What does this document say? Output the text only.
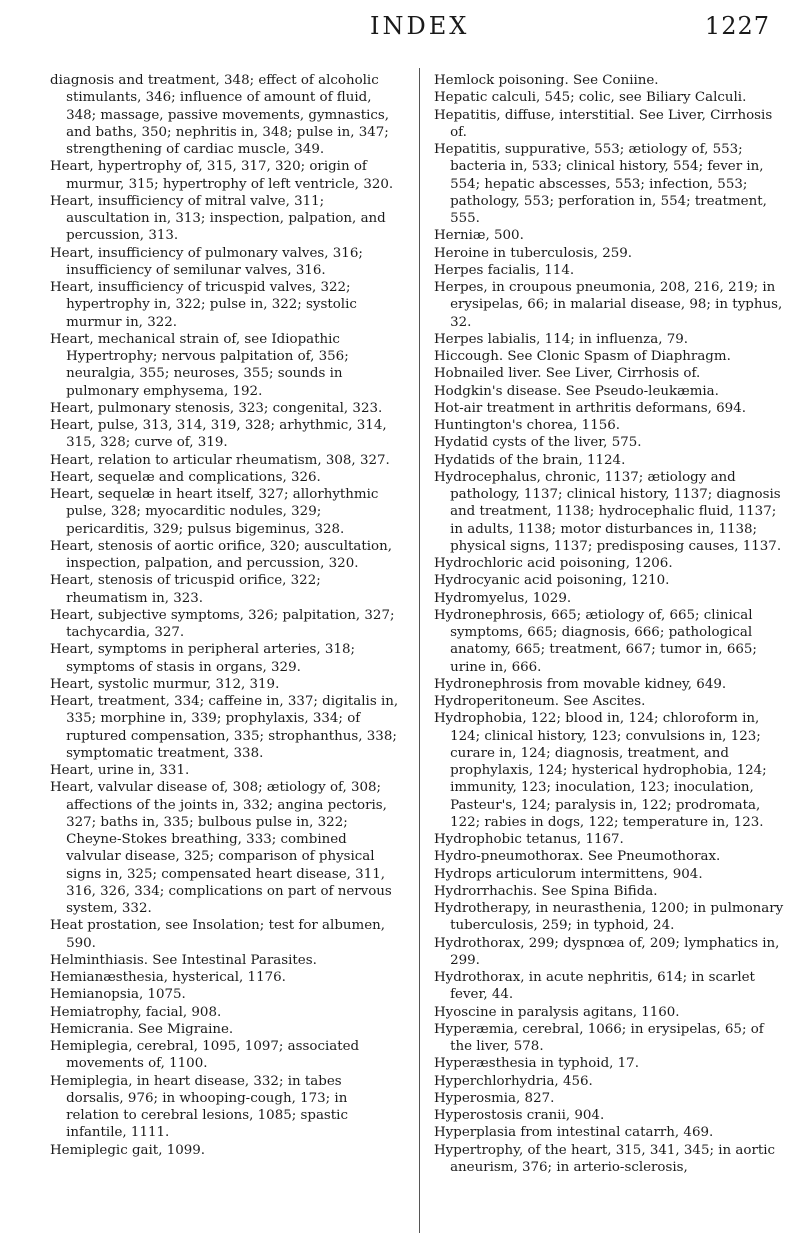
INDEX	1227

diagnosis and treatment, 348; effect of alcoholic stimulants, 346; influence of amount of fluid, 348; massage, passive movements, gymnastics, and baths, 350; nephritis in, 348; pulse in, 347; strengthening of cardiac muscle, 349.

Heart, hypertrophy of, 315, 317, 320; origin of murmur, 315; hypertrophy of left ventricle, 320.

Heart, insufficiency of mitral valve, 311; auscultation in, 313; inspection, palpation, and percussion, 313.

Heart, insufficiency of pulmonary valves, 316; insufficiency of semilunar valves, 316.

Heart, insufficiency of tricuspid valves, 322; hypertrophy in, 322; pulse in, 322; systolic murmur in, 322.

Heart, mechanical strain of, see Idiopathic Hypertrophy; nervous palpitation of, 356; neuralgia, 355; neuroses, 355; sounds in pulmonary emphysema, 192.

Heart, pulmonary stenosis, 323; congenital, 323.

Heart, pulse, 313, 314, 319, 328; arhythmic, 314, 315, 328; curve of, 319.

Heart, relation to articular rheumatism, 308, 327.

Heart, sequelæ and complications, 326.

Heart, sequelæ in heart itself, 327; allorhythmic pulse, 328; myocarditic nodules, 329; pericarditis, 329; pulsus bigeminus, 328.

Heart, stenosis of aortic orifice, 320; auscultation, inspection, palpation, and percussion, 320.

Heart, stenosis of tricuspid orifice, 322; rheumatism in, 323.

Heart, subjective symptoms, 326; palpitation, 327; tachycardia, 327.

Heart, symptoms in peripheral arteries, 318; symptoms of stasis in organs, 329.

Heart, systolic murmur, 312, 319.

Heart, treatment, 334; caffeine in, 337; digitalis in, 335; morphine in, 339; prophylaxis, 334; of ruptured compensation, 335; strophanthus, 338; symptomatic treatment, 338.

Heart, urine in, 331.

Heart, valvular disease of, 308; ætiology of, 308; affections of the joints in, 332; angina pectoris, 327; baths in, 335; bulbous pulse in, 322; Cheyne-Stokes breathing, 333; combined valvular disease, 325; comparison of physical signs in, 325; compensated heart disease, 311, 316, 326, 334; complications on part of nervous system, 332.

Heat prostation, see Insolation; test for albumen, 590.

Helminthiasis. See Intestinal Parasites.

Hemianæsthesia, hysterical, 1176.

Hemianopsia, 1075.

Hemiatrophy, facial, 908.

Hemicrania. See Migraine.

Hemiplegia, cerebral, 1095, 1097; associated movements of, 1100.

Hemiplegia, in heart disease, 332; in tabes dorsalis, 976; in whooping-cough, 173; in relation to cerebral lesions, 1085; spastic infantile, 1111.

Hemiplegic gait, 1099.

Hemlock poisoning. See Coniine.

Hepatic calculi, 545; colic, see Biliary Calculi.

Hepatitis, diffuse, interstitial. See Liver, Cirrhosis of.

Hepatitis, suppurative, 553; ætiology of, 553; bacteria in, 533; clinical history, 554; fever in, 554; hepatic abscesses, 553; infection, 553; pathology, 553; perforation in, 554; treatment, 555.

Herniæ, 500.

Heroine in tuberculosis, 259.

Herpes facialis, 114.

Herpes, in croupous pneumonia, 208, 216, 219; in erysipelas, 66; in malarial disease, 98; in typhus, 32.

Herpes labialis, 114; in influenza, 79.

Hiccough. See Clonic Spasm of Diaphragm.

Hobnailed liver. See Liver, Cirrhosis of.

Hodgkin's disease. See Pseudo-leukæmia.

Hot-air treatment in arthritis deformans, 694.

Huntington's chorea, 1156.

Hydatid cysts of the liver, 575.

Hydatids of the brain, 1124.

Hydrocephalus, chronic, 1137; ætiology and pathology, 1137; clinical history, 1137; diagnosis and treatment, 1138; hydrocephalic fluid, 1137; in adults, 1138; motor disturbances in, 1138; physical signs, 1137; predisposing causes, 1137.

Hydrochloric acid poisoning, 1206.

Hydrocyanic acid poisoning, 1210.

Hydromyelus, 1029.

Hydronephrosis, 665; ætiology of, 665; clinical symptoms, 665; diagnosis, 666; pathological anatomy, 665; treatment, 667; tumor in, 665; urine in, 666.

Hydronephrosis from movable kidney, 649.

Hydroperitoneum. See Ascites.

Hydrophobia, 122; blood in, 124; chloroform in, 124; clinical history, 123; convulsions in, 123; curare in, 124; diagnosis, treatment, and prophylaxis, 124; hysterical hydrophobia, 124; immunity, 123; inoculation, 123; inoculation, Pasteur's, 124; paralysis in, 122; prodromata, 122; rabies in dogs, 122; temperature in, 123.

Hydrophobic tetanus, 1167.

Hydro-pneumothorax. See Pneumothorax.

Hydrops articulorum intermittens, 904.

Hydrorrhachis. See Spina Bifida.

Hydrotherapy, in neurasthenia, 1200; in pulmonary tuberculosis, 259; in typhoid, 24.

Hydrothorax, 299; dyspnœa of, 209; lymphatics in, 299.

Hydrothorax, in acute nephritis, 614; in scarlet fever, 44.

Hyoscine in paralysis agitans, 1160.

Hyperæmia, cerebral, 1066; in erysipelas, 65; of the liver, 578.

Hyperæsthesia in typhoid, 17.

Hyperchlorhydria, 456.

Hyperosmia, 827.

Hyperostosis cranii, 904.

Hyperplasia from intestinal catarrh, 469.

Hypertrophy, of the heart, 315, 341, 345; in aortic aneurism, 376; in arterio-sclerosis,
